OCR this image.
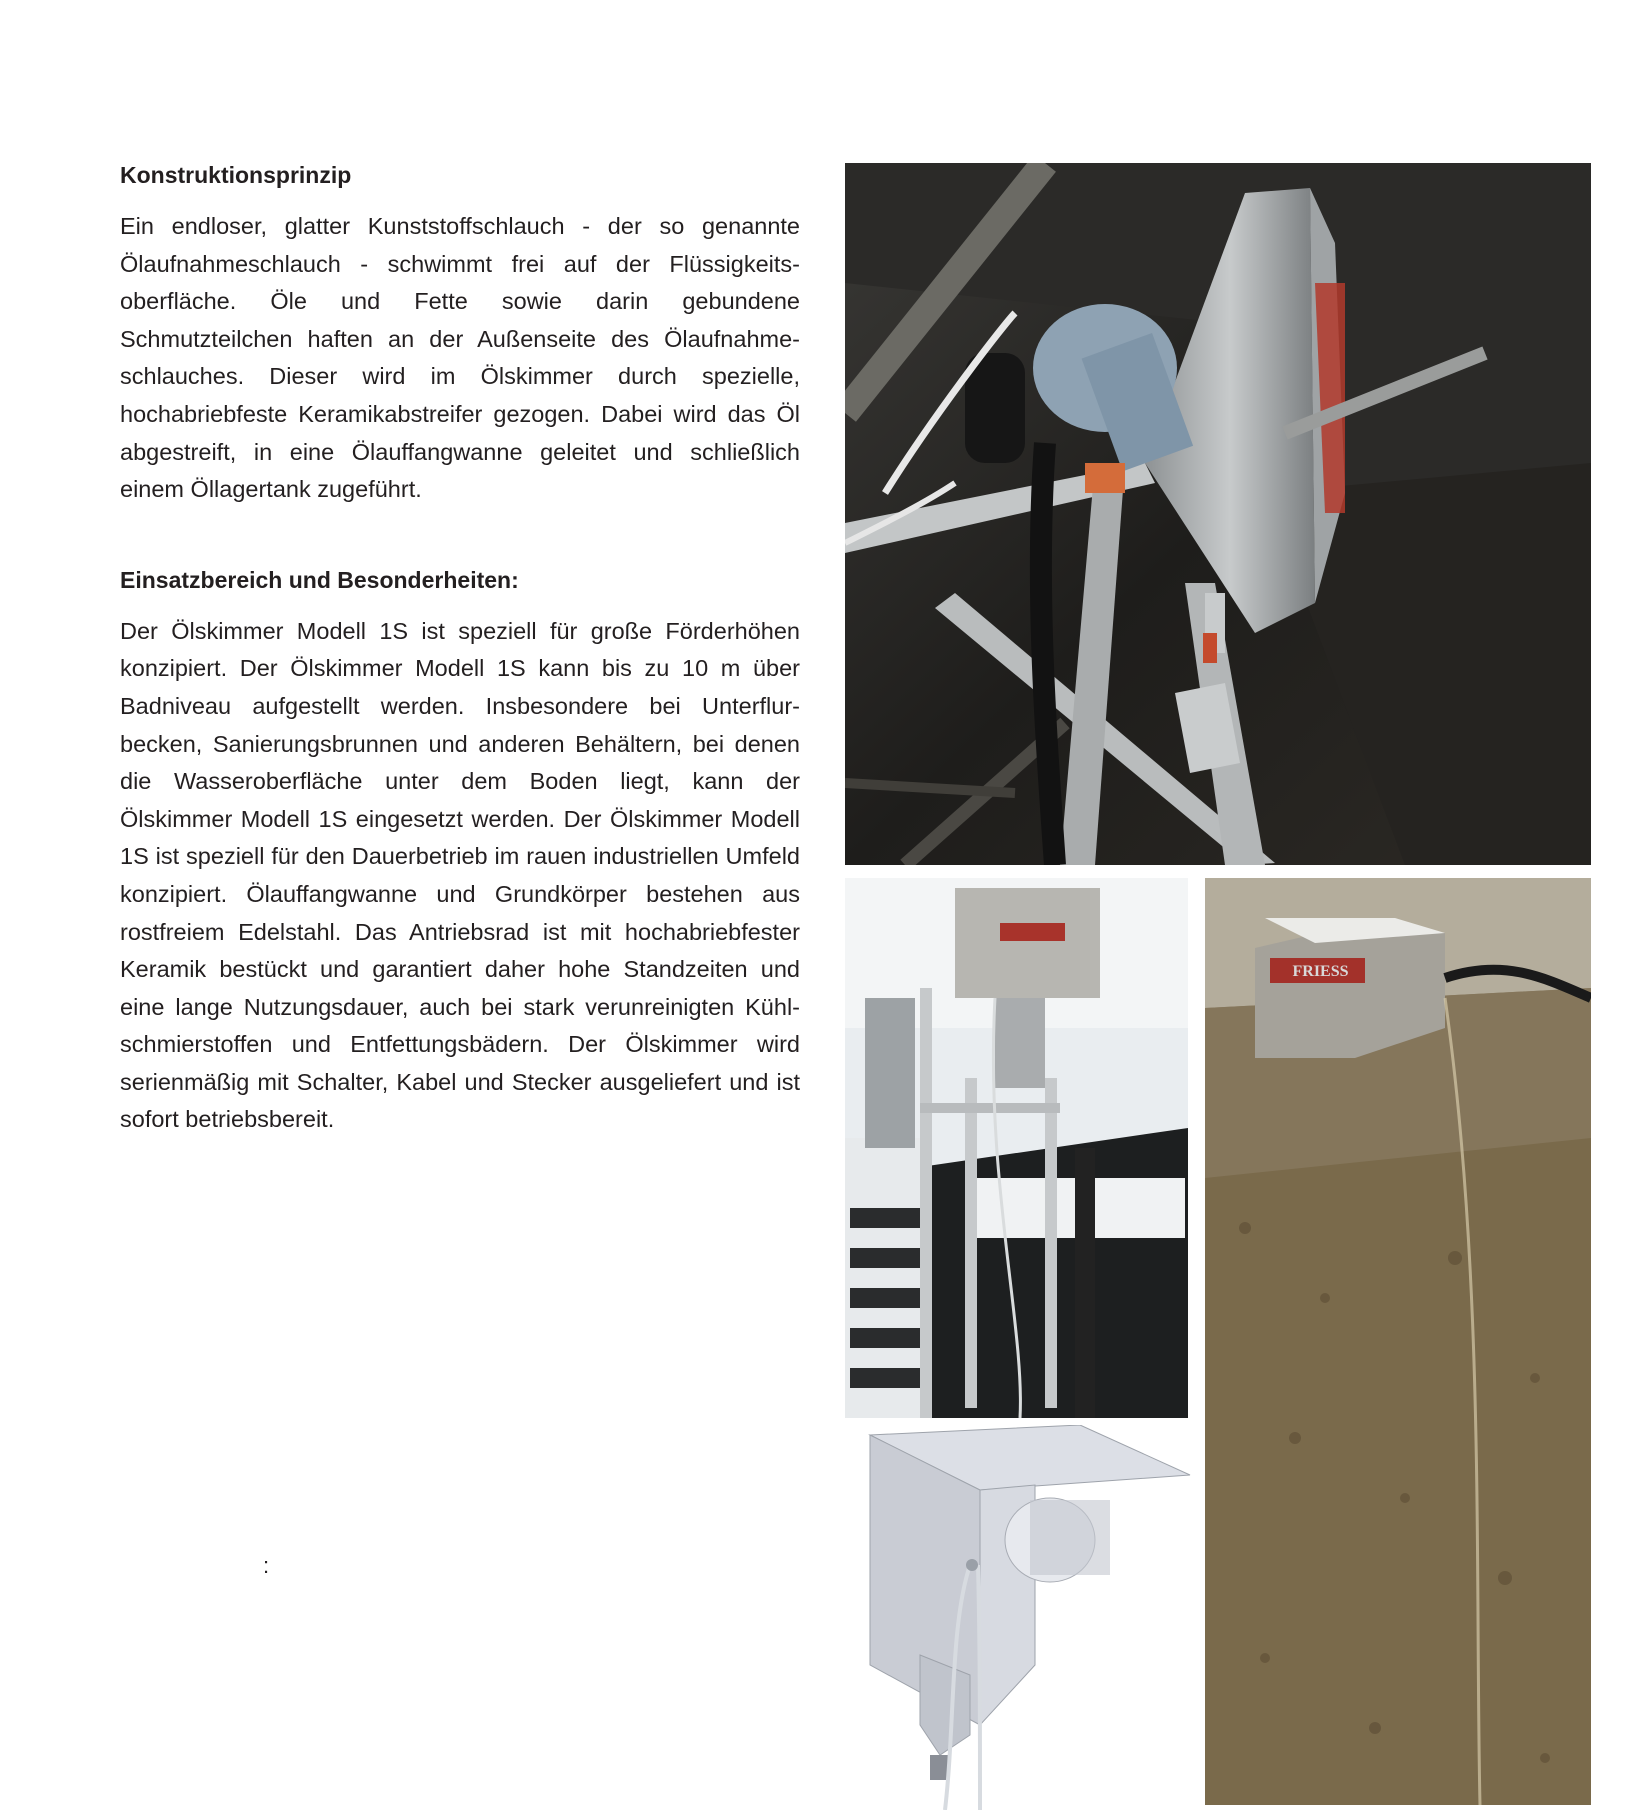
Konstruktionsprinzip

Ein endloser, glatter Kunststoffschlauch - der so genannte Ölaufnahmeschlauch - schwimmt frei auf der Flüssigkeits-oberfläche. Öle und Fette sowie darin gebundene Schmutzteilchen haften an der Außenseite des Ölaufnahme-schlauches. Dieser wird im Ölskimmer durch spezielle, hochabriebfeste Keramikabstreifer gezogen. Dabei wird das Öl abgestreift, in eine Ölauffangwanne geleitet und schließlich einem Öllagertank zugeführt.

Einsatzbereich und Besonderheiten:

Der Ölskimmer Modell 1S ist speziell für große Förderhöhen konzipiert. Der Ölskimmer Modell 1S kann bis zu 10 m über Badniveau aufgestellt werden. Insbesondere bei Unterflur-becken, Sanierungsbrunnen und anderen Behältern, bei denen die Wasseroberfläche unter dem Boden liegt, kann der Ölskimmer Modell 1S eingesetzt werden. Der Ölskimmer Modell 1S ist speziell für den Dauerbetrieb im rauen industriellen Umfeld konzipiert. Ölauffangwanne und Grundkörper bestehen aus rostfreiem Edelstahl. Das Antriebsrad ist mit hochabriebfester Keramik bestückt und garantiert daher hohe Standzeiten und eine lange Nutzungsdauer, auch bei stark verunreinigten Kühl-schmierstoffen und Entfettungsbädern. Der Ölskimmer wird serienmäßig mit Schalter, Kabel und Stecker ausgeliefert und ist sofort betriebsbereit.

:
FRIESS
